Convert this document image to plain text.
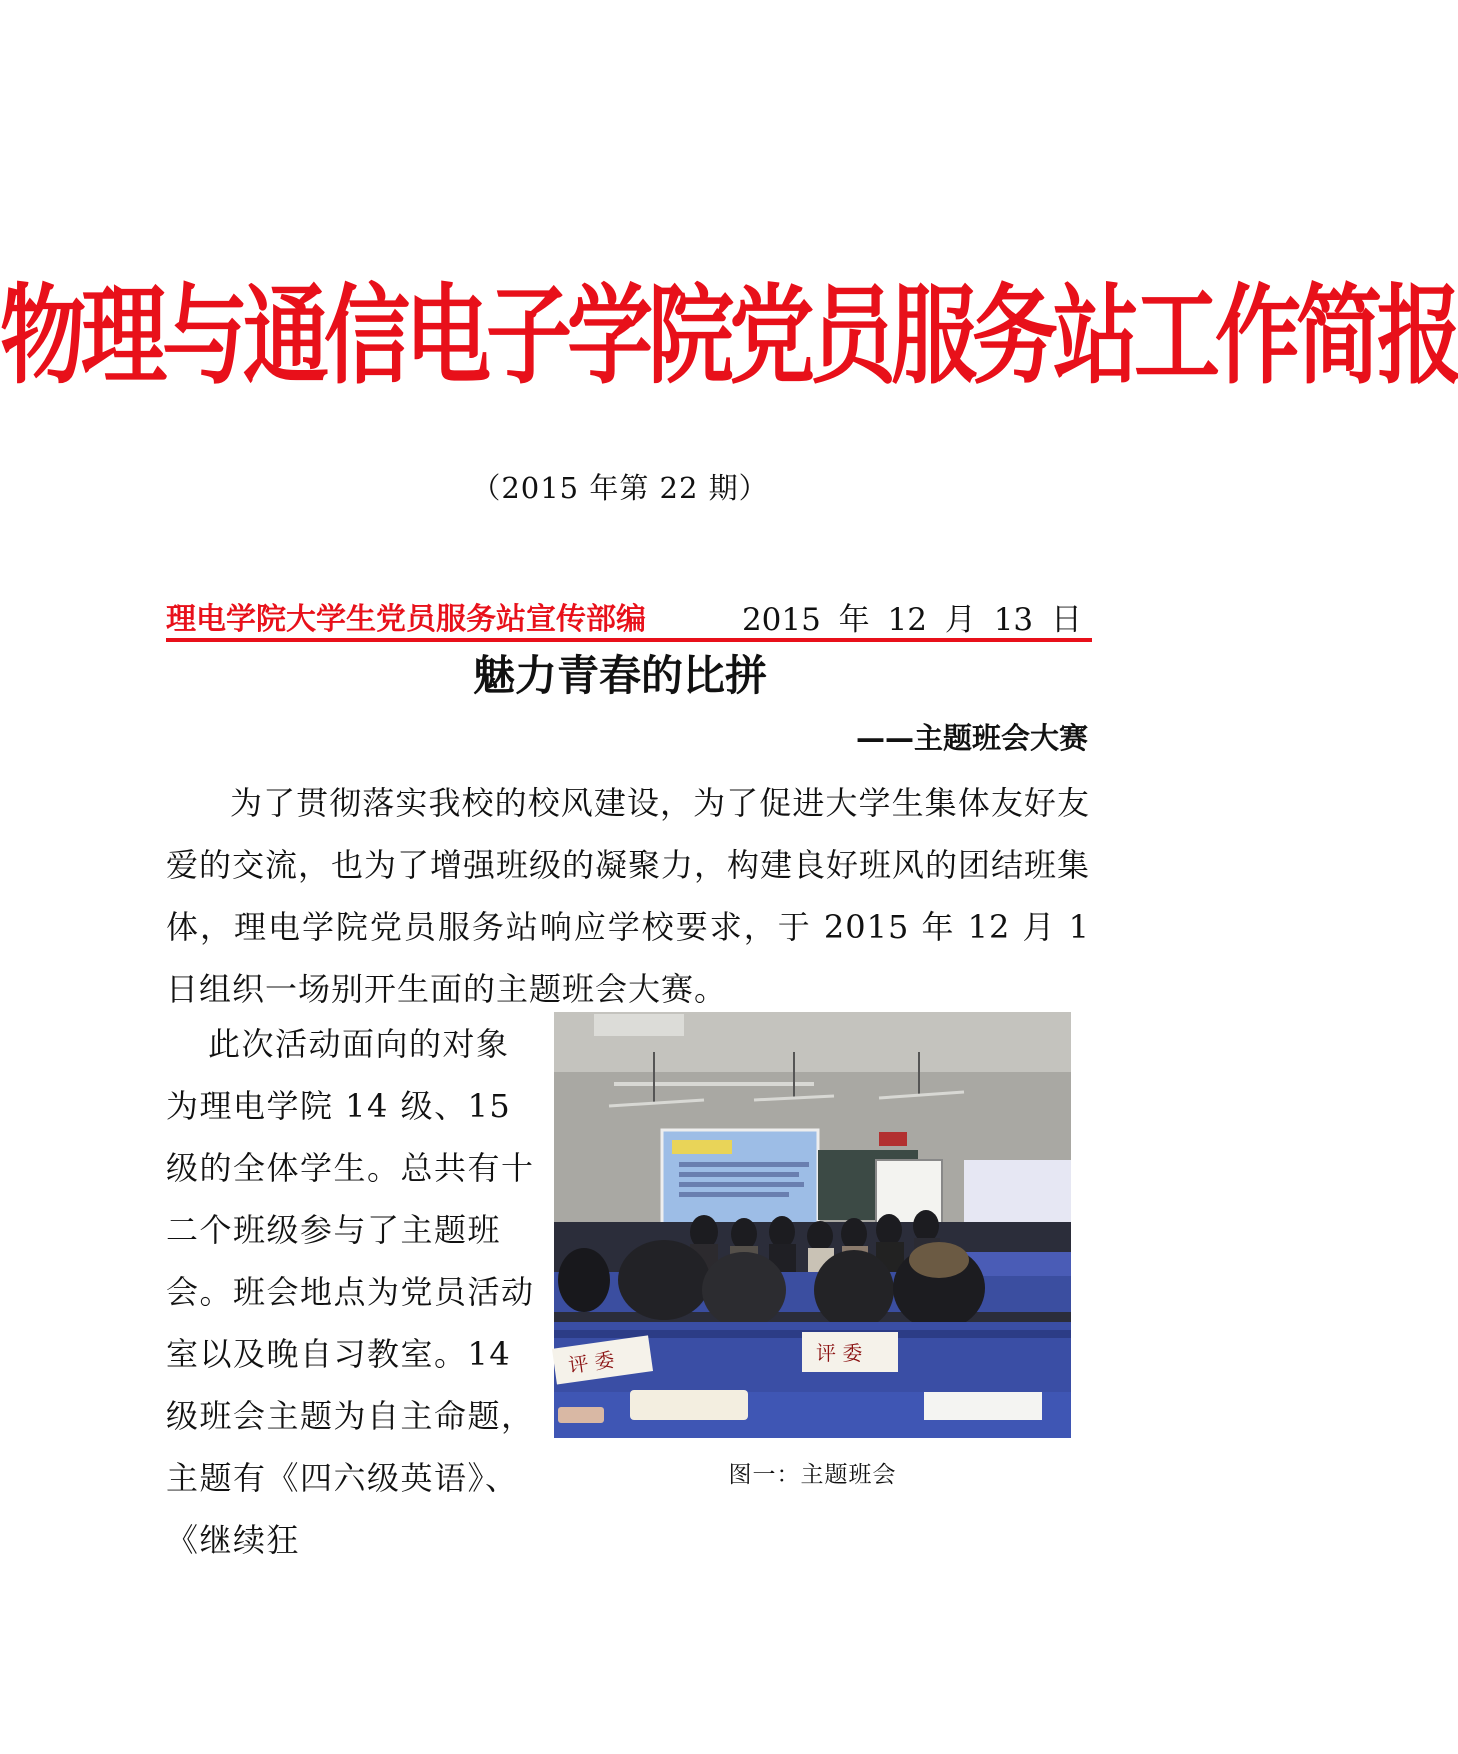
物理与通信电子学院党员服务站工作简报
（2015 年第 22 期）
理电学院大学生党员服务站宣传部编	2015 年 12 月 13 日
魅力青春的比拼
——主题班会大赛
为了贯彻落实我校的校风建设，为了促进大学生集体友好友爱的交流，也为了增强班级的凝聚力，构建良好班风的团结班集体，理电学院党员服务站响应学校要求，于 2015 年 12 月 1 日组织一场别开生面的主题班会大赛。
此次活动面向的对象为理电学院 14 级、15 级的全体学生。总共有十二个班级参与了主题班会。班会地点为党员活动室以及晚自习教室。14 级班会主题为自主命题，主题有《四六级英语》、《继续狂
评 委	评 委
图一：主题班会
